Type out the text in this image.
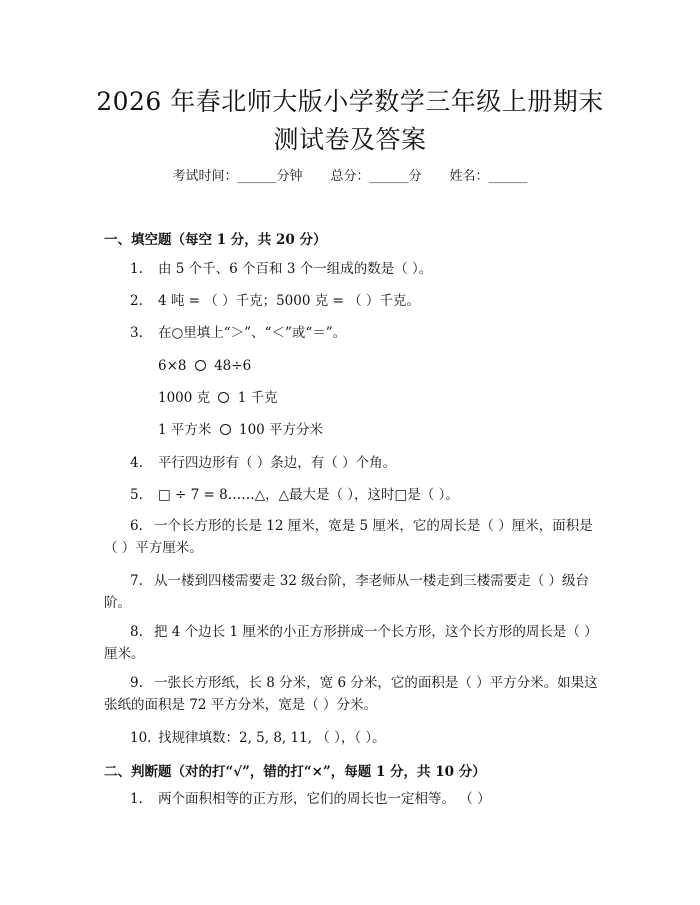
2026 年春北师大版小学数学三年级上册期末
测试卷及答案
考试时间：______分钟 总分：______分 姓名：______
一、填空题（每空 1 分，共 20 分）
1. 由 5 个千、6 个百和 3 个一组成的数是（ ）。
2. 4 吨 = （ ）千克；5000 克 = （ ）千克。
3. 在○里填上“＞”、“＜”或“＝”。
6×8 48÷6
1000 克 1 千克
1 平方米 100 平方分米
4. 平行四边形有（ ）条边，有（ ）个角。
5. □ ÷ 7 = 8……△，△最大是（ ），这时□是（ ）。
6. 一个长方形的长是 12 厘米，宽是 5 厘米，它的周长是（ ）厘米，面积是（ ）平方厘米。
7. 从一楼到四楼需要走 32 级台阶，李老师从一楼走到三楼需要走（ ）级台阶。
8. 把 4 个边长 1 厘米的小正方形拼成一个长方形，这个长方形的周长是（ ）厘米。
9. 一张长方形纸，长 8 分米，宽 6 分米，它的面积是（ ）平方分米。如果这张纸的面积是 72 平方分米，宽是（ ）分米。
10. 找规律填数：2, 5, 8, 11, （ ），（ ）。
二、判断题（对的打“√”，错的打“×”，每题 1 分，共 10 分）
1. 两个面积相等的正方形，它们的周长也一定相等。 （ ）
